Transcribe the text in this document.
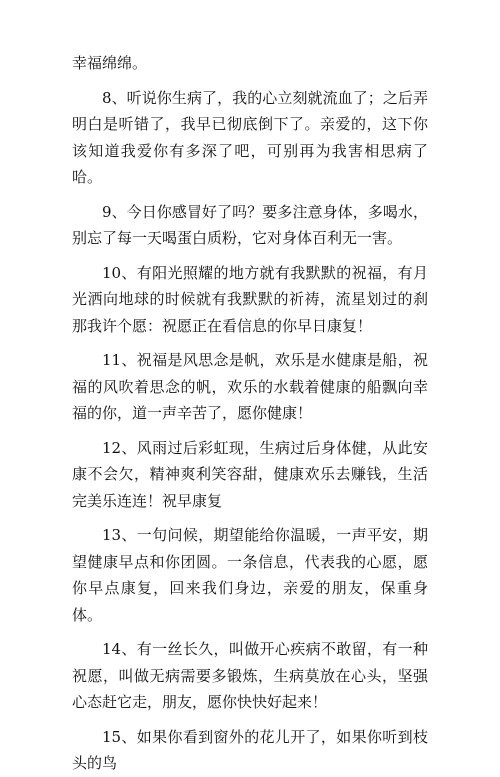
幸福绵绵。

8、听说你生病了，我的心立刻就流血了；之后弄明白是听错了，我早已彻底倒下了。亲爱的，这下你该知道我爱你有多深了吧，可别再为我害相思病了哈。

9、今日你感冒好了吗？要多注意身体，多喝水，别忘了每一天喝蛋白质粉，它对身体百利无一害。

10、有阳光照耀的地方就有我默默的祝福，有月光洒向地球的时候就有我默默的祈祷，流星划过的刹那我许个愿：祝愿正在看信息的你早日康复！

11、祝福是风思念是帆，欢乐是水健康是船，祝福的风吹着思念的帆，欢乐的水载着健康的船飘向幸福的你，道一声辛苦了，愿你健康！

12、风雨过后彩虹现，生病过后身体健，从此安康不会欠，精神爽利笑容甜，健康欢乐去赚钱，生活完美乐连连！祝早康复

13、一句问候，期望能给你温暖，一声平安，期望健康早点和你团圆。一条信息，代表我的心愿，愿你早点康复，回来我们身边，亲爱的朋友，保重身体。

14、有一丝长久，叫做开心疾病不敢留，有一种祝愿，叫做无病需要多锻炼，生病莫放在心头，坚强心态赶它走，朋友，愿你快快好起来！

15、如果你看到窗外的花儿开了，如果你听到枝头的鸟
